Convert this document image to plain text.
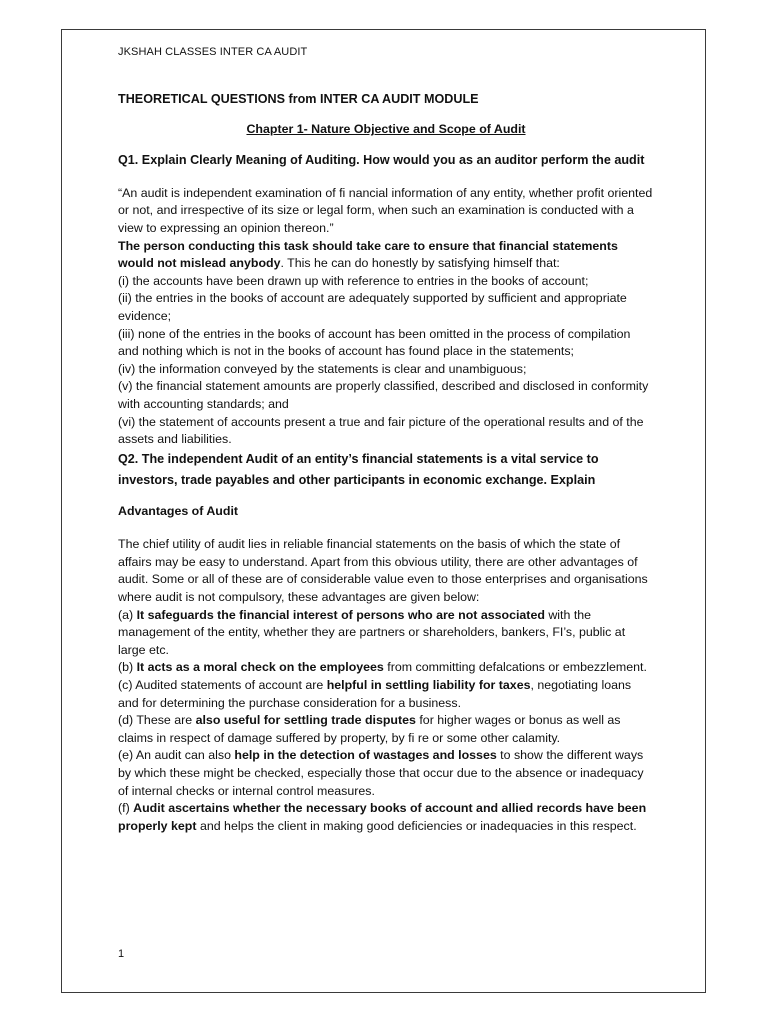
JKSHAH CLASSES INTER CA AUDIT

THEORETICAL QUESTIONS from INTER CA AUDIT MODULE

Chapter 1- Nature Objective and Scope of Audit

Q1. Explain Clearly Meaning of Auditing. How would you as an auditor perform the audit

“An audit is independent examination of fi nancial information of any entity, whether profit oriented or not, and irrespective of its size or legal form, when such an examination is conducted with a view to expressing an opinion thereon.”

The person conducting this task should take care to ensure that financial statements would not mislead anybody. This he can do honestly by satisfying himself that:

(i) the accounts have been drawn up with reference to entries in the books of account;

(ii) the entries in the books of account are adequately supported by sufficient and appropriate evidence;

(iii) none of the entries in the books of account has been omitted in the process of compilation and nothing which is not in the books of account has found place in the statements;

(iv) the information conveyed by the statements is clear and unambiguous;

(v) the financial statement amounts are properly classified, described and disclosed in conformity with accounting standards; and

(vi) the statement of accounts present a true and fair picture of the operational results and of the assets and liabilities.

Q2. The independent Audit of an entity’s financial statements is a vital service to investors, trade payables and other participants in economic exchange. Explain

Advantages of Audit

The chief utility of audit lies in reliable financial statements on the basis of which the state of affairs may be easy to understand. Apart from this obvious utility, there are other advantages of audit. Some or all of these are of considerable value even to those enterprises and organisations where audit is not compulsory, these advantages are given below:

(a) It safeguards the financial interest of persons who are not associated with the management of the entity, whether they are partners or shareholders, bankers, FI’s, public at large etc.

(b) It acts as a moral check on the employees from committing defalcations or embezzlement.

(c) Audited statements of account are helpful in settling liability for taxes, negotiating loans and for determining the purchase consideration for a business.

(d) These are also useful for settling trade disputes for higher wages or bonus as well as claims in respect of damage suffered by property, by fi re or some other calamity.

(e) An audit can also help in the detection of wastages and losses to show the different ways by which these might be checked, especially those that occur due to the absence or inadequacy of internal checks or internal control measures.

(f) Audit ascertains whether the necessary books of account and allied records have been properly kept and helps the client in making good deficiencies or inadequacies in this respect.

1
